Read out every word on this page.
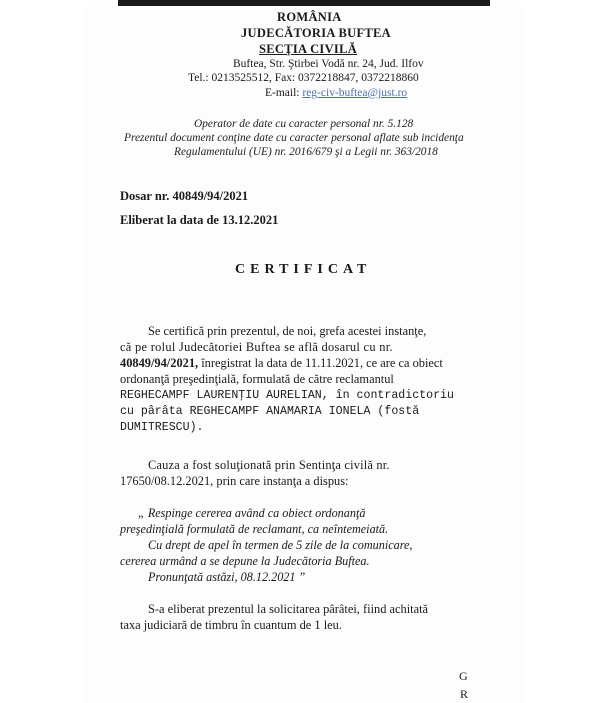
ROMÂNIA
JUDECĂTORIA BUFTEA
SECŢIA CIVILĂ
Buftea, Str. Ştirbei Vodă nr. 24, Jud. Ilfov
Tel.: 0213525512, Fax: 0372218847, 0372218860
E-mail: reg-civ-buftea@just.ro
Operator de date cu caracter personal nr. 5.128
Prezentul document conţine date cu caracter personal aflate sub incidenţa
Regulamentului (UE) nr. 2016/679 şi a Legii nr. 363/2018
Dosar nr. 40849/94/2021
Eliberat la data de 13.12.2021
CERTIFICAT
Se certifică prin prezentul, de noi, grefa acestei instanţe,
că pe rolul Judecătoriei Buftea se află dosarul cu nr.
40849/94/2021, înregistrat la data de 11.11.2021, ce are ca obiect
ordonanţă preşedinţială, formulată de către reclamantul
REGHECAMPF LAURENŢIU AURELIAN, în contradictoriu
cu pârâta REGHECAMPF ANAMARIA IONELA (fostă
DUMITRESCU).
Cauza a fost soluţionată prin Sentinţa civilă nr.
17650/08.12.2021, prin care instanţa a dispus:
„ Respinge cererea având ca obiect ordonanţă
preşedinţială formulată de reclamant, ca neîntemeiată.
Cu drept de apel în termen de 5 zile de la comunicare,
cererea urmând a se depune la Judecătoria Buftea.
Pronunţată astăzi, 08.12.2021 ”
S-a eliberat prezentul la solicitarea pârâtei, fiind achitată
taxa judiciară de timbru în cuantum de 1 leu.
G
R
